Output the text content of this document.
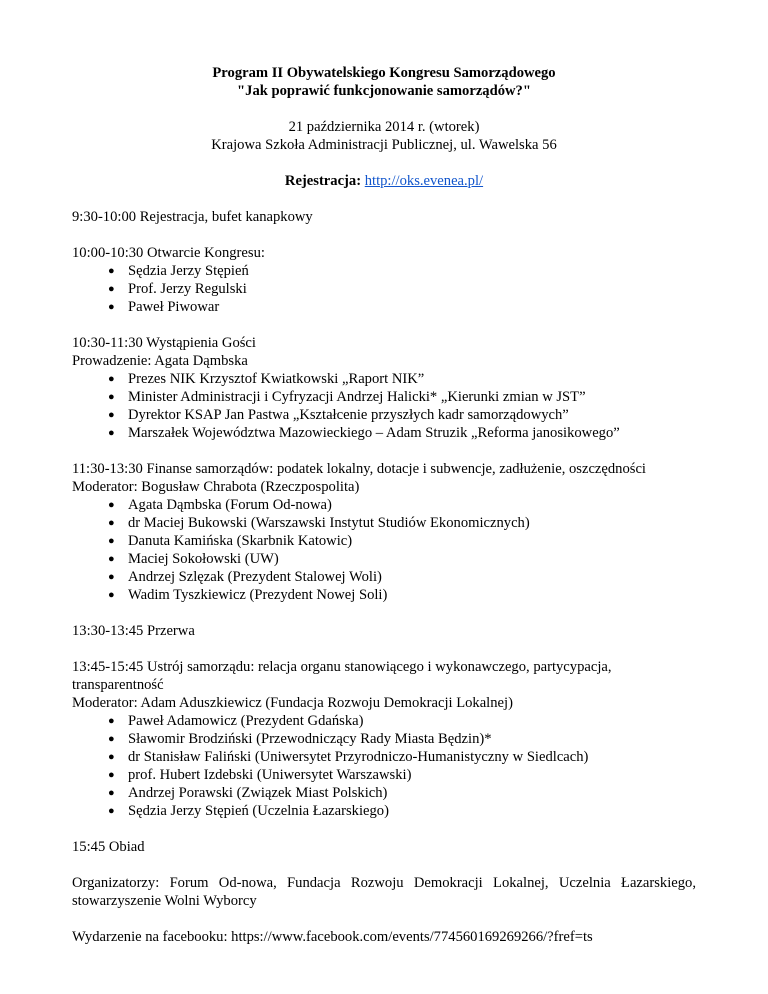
Program II Obywatelskiego Kongresu Samorządowego

"Jak poprawić funkcjonowanie samorządów?"

21 października 2014 r. (wtorek)

Krajowa Szkoła Administracji Publicznej, ul. Wawelska 56

Rejestracja: http://oks.evenea.pl/

9:30-10:00 Rejestracja, bufet kanapkowy

10:00-10:30 Otwarcie Kongresu:

● Sędzia Jerzy Stępień
● Prof. Jerzy Regulski
● Paweł Piwowar

10:30-11:30 Wystąpienia Gości

Prowadzenie: Agata Dąmbska

● Prezes NIK Krzysztof Kwiatkowski „Raport NIK”
● Minister Administracji i Cyfryzacji Andrzej Halicki* „Kierunki zmian w JST”
● Dyrektor KSAP Jan Pastwa „Kształcenie przyszłych kadr samorządowych”
● Marszałek Województwa Mazowieckiego – Adam Struzik „Reforma janosikowego”

11:30-13:30 Finanse samorządów: podatek lokalny, dotacje i subwencje, zadłużenie, oszczędności

Moderator: Bogusław Chrabota (Rzeczpospolita)

● Agata Dąmbska (Forum Od-nowa)
● dr Maciej Bukowski (Warszawski Instytut Studiów Ekonomicznych)
● Danuta Kamińska (Skarbnik Katowic)
● Maciej Sokołowski (UW)
● Andrzej Szlęzak (Prezydent Stalowej Woli)
● Wadim Tyszkiewicz (Prezydent Nowej Soli)

13:30-13:45 Przerwa

13:45-15:45 Ustrój samorządu: relacja organu stanowiącego i wykonawczego, partycypacja, transparentność

Moderator: Adam Aduszkiewicz (Fundacja Rozwoju Demokracji Lokalnej)

● Paweł Adamowicz (Prezydent Gdańska)
● Sławomir Brodziński (Przewodniczący Rady Miasta Będzin)*
● dr Stanisław Faliński (Uniwersytet Przyrodniczo-Humanistyczny w Siedlcach)
● prof. Hubert Izdebski (Uniwersytet Warszawski)
● Andrzej Porawski (Związek Miast Polskich)
● Sędzia Jerzy Stępień (Uczelnia Łazarskiego)

15:45 Obiad

Organizatorzy: Forum Od-nowa, Fundacja Rozwoju Demokracji Lokalnej, Uczelnia Łazarskiego, stowarzyszenie Wolni Wyborcy

Wydarzenie na facebooku: https://www.facebook.com/events/774560169269266/?fref=ts
